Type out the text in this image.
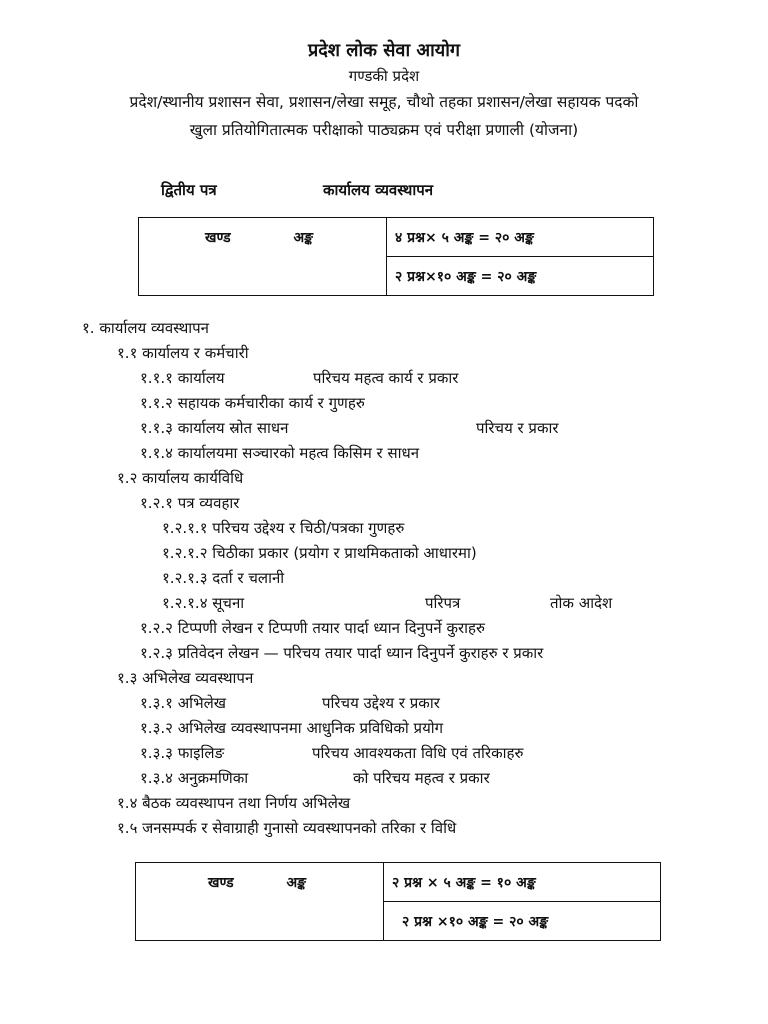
प्रदेश लोक सेवा आयोग
गण्डकी प्रदेश
प्रदेश/स्थानीय प्रशासन सेवा, प्रशासन/लेखा समूह, चौथो तहका प्रशासन/लेखा सहायक पदको
खुला प्रतियोगितात्मक परीक्षाको पाठ्यक्रम एवं परीक्षा प्रणाली (योजना)
द्वितीय पत्र	कार्यालय व्यवस्थापन
खण्ड	अङ्क	४ प्रश्न× ५ अङ्क = २० अङ्क
२ प्रश्न×१० अङ्क = २० अङ्क
१. कार्यालय व्यवस्थापन
१.१ कार्यालय र कर्मचारी
१.१.१ कार्यालय	परिचय महत्व कार्य र प्रकार
१.१.२ सहायक कर्मचारीका कार्य र गुणहरु
१.१.३ कार्यालय स्रोत साधन	परिचय र प्रकार
१.१.४ कार्यालयमा सञ्चारको महत्व किसिम र साधन
१.२ कार्यालय कार्यविधि
१.२.१ पत्र व्यवहार
१.२.१.१ परिचय उद्देश्य र चिठी/पत्रका गुणहरु
१.२.१.२ चिठीका प्रकार (प्रयोग र प्राथमिकताको आधारमा)
१.२.१.३ दर्ता र चलानी
१.२.१.४ सूचना	परिपत्र	तोक आदेश
१.२.२ टिप्पणी लेखन र टिप्पणी तयार पार्दा ध्यान दिनुपर्ने कुराहरु
१.२.३ प्रतिवेदन लेखन — परिचय तयार पार्दा ध्यान दिनुपर्ने कुराहरु र प्रकार
१.३ अभिलेख व्यवस्थापन
१.३.१ अभिलेख	परिचय उद्देश्य र प्रकार
१.३.२ अभिलेख व्यवस्थापनमा आधुनिक प्रविधिको प्रयोग
१.३.३ फाइलिङ	परिचय आवश्यकता विधि एवं तरिकाहरु
१.३.४ अनुक्रमणिका	को परिचय महत्व र प्रकार
१.४ बैठक व्यवस्थापन तथा निर्णय अभिलेख
१.५ जनसम्पर्क र सेवाग्राही गुनासो व्यवस्थापनको तरिका र विधि
खण्ड	अङ्क	२ प्रश्न × ५ अङ्क = १० अङ्क
२ प्रश्न ×१० अङ्क = २० अङ्क
